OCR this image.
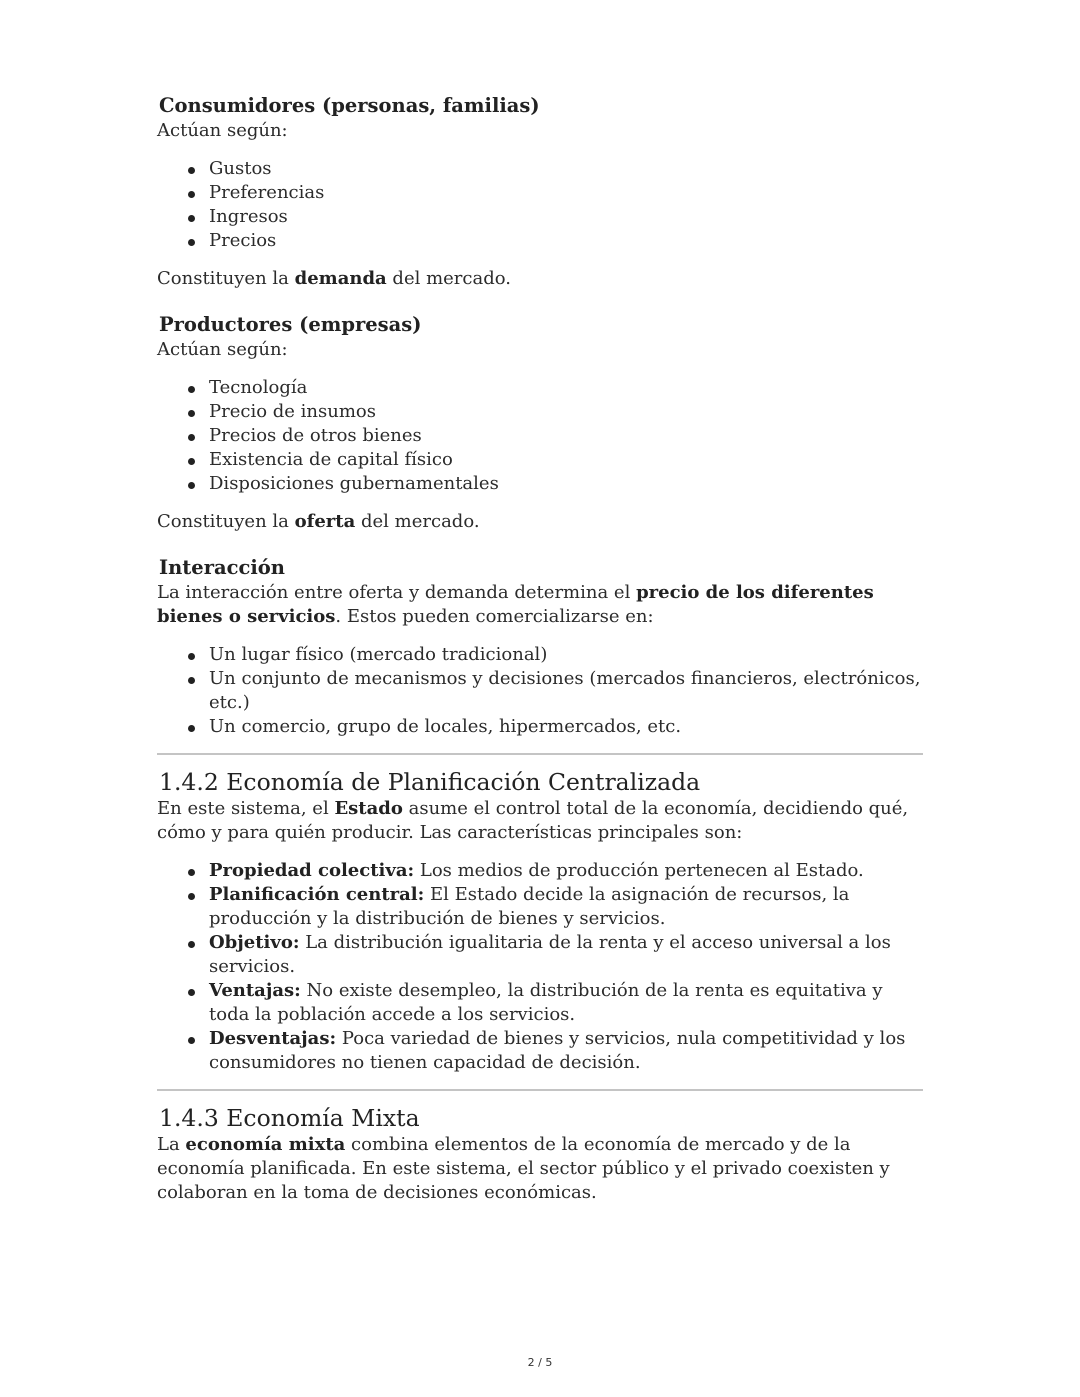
Consumidores (personas, familias)

Actúan según:

Gustos
Preferencias
Ingresos
Precios

Constituyen la demanda del mercado.

Productores (empresas)

Actúan según:

Tecnología
Precio de insumos
Precios de otros bienes
Existencia de capital físico
Disposiciones gubernamentales

Constituyen la oferta del mercado.

Interacción

La interacción entre oferta y demanda determina el precio de los diferentes bienes o servicios. Estos pueden comercializarse en:

Un lugar físico (mercado tradicional)
Un conjunto de mecanismos y decisiones (mercados financieros, electrónicos, etc.)
Un comercio, grupo de locales, hipermercados, etc.
1.4.2 Economía de Planificación Centralizada

En este sistema, el Estado asume el control total de la economía, decidiendo qué, cómo y para quién producir. Las características principales son:

Propiedad colectiva: Los medios de producción pertenecen al Estado.
Planificación central: El Estado decide la asignación de recursos, la producción y la distribución de bienes y servicios.
Objetivo: La distribución igualitaria de la renta y el acceso universal a los servicios.
Ventajas: No existe desempleo, la distribución de la renta es equitativa y toda la población accede a los servicios.
Desventajas: Poca variedad de bienes y servicios, nula competitividad y los consumidores no tienen capacidad de decisión.
1.4.3 Economía Mixta

La economía mixta combina elementos de la economía de mercado y de la economía planificada. En este sistema, el sector público y el privado coexisten y colaboran en la toma de decisiones económicas.

2 / 5
